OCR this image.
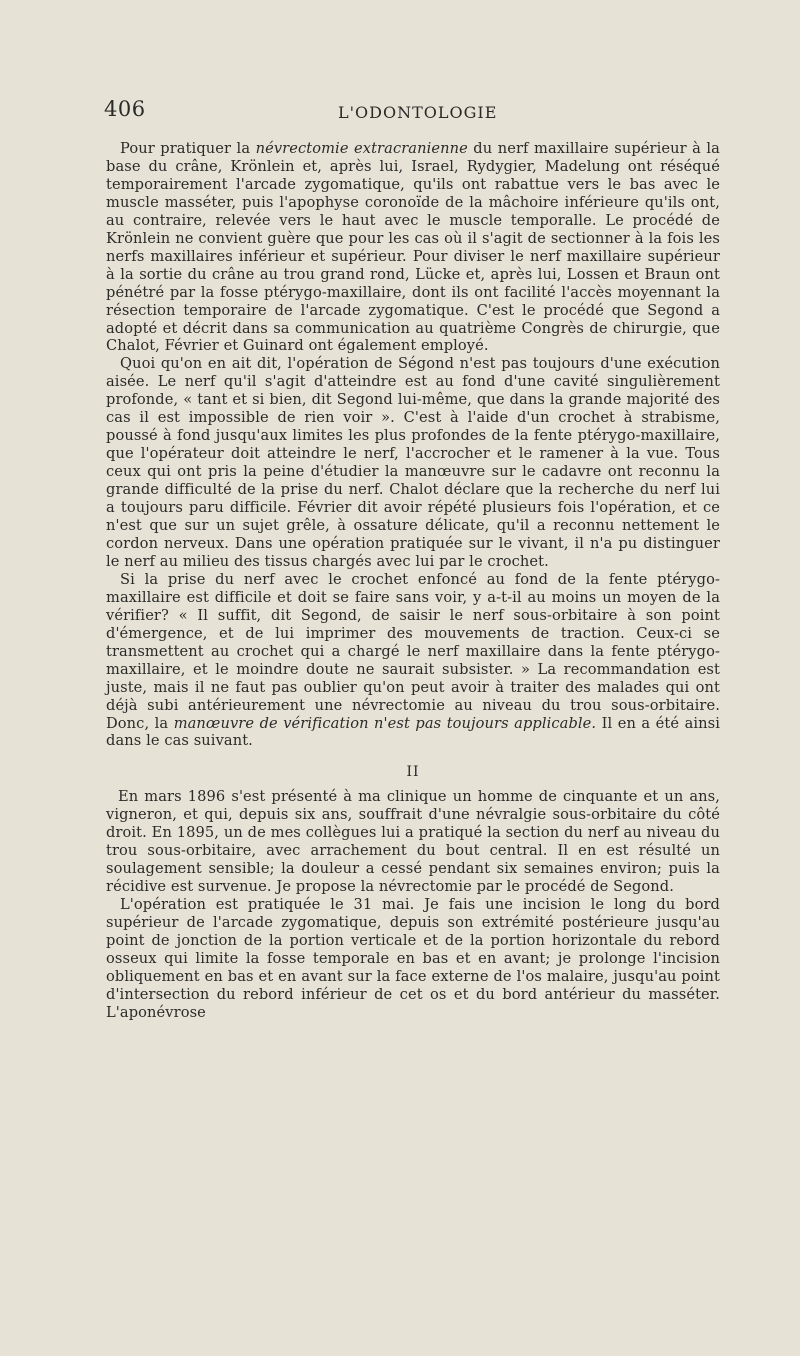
406	L'ODONTOLOGIE

Pour pratiquer la névrectomie extracranienne du nerf maxillaire supérieur à la base du crâne, Krönlein et, après lui, Israel, Rydygier, Madelung ont réséqué temporairement l'arcade zygomatique, qu'ils ont rabattue vers le bas avec le muscle masséter, puis l'apophyse coronoïde de la mâchoire inférieure qu'ils ont, au contraire, relevée vers le haut avec le muscle temporalle. Le procédé de Krönlein ne convient guère que pour les cas où il s'agit de sectionner à la fois les nerfs maxillaires inférieur et supérieur. Pour diviser le nerf maxillaire supérieur à la sortie du crâne au trou grand rond, Lücke et, après lui, Lossen et Braun ont pénétré par la fosse ptérygo-maxillaire, dont ils ont facilité l'accès moyennant la résection temporaire de l'arcade zygomatique. C'est le procédé que Segond a adopté et décrit dans sa communication au quatrième Congrès de chirurgie, que Chalot, Février et Guinard ont également employé.

Quoi qu'on en ait dit, l'opération de Ségond n'est pas toujours d'une exécution aisée. Le nerf qu'il s'agit d'atteindre est au fond d'une cavité singulièrement profonde, « tant et si bien, dit Segond lui-même, que dans la grande majorité des cas il est impossible de rien voir ». C'est à l'aide d'un crochet à strabisme, poussé à fond jusqu'aux limites les plus profondes de la fente ptérygo-maxillaire, que l'opérateur doit atteindre le nerf, l'accrocher et le ramener à la vue. Tous ceux qui ont pris la peine d'étudier la manœuvre sur le cadavre ont reconnu la grande difficulté de la prise du nerf. Chalot déclare que la recherche du nerf lui a toujours paru difficile. Février dit avoir répété plusieurs fois l'opération, et ce n'est que sur un sujet grêle, à ossature délicate, qu'il a reconnu nettement le cordon nerveux. Dans une opération pratiquée sur le vivant, il n'a pu distinguer le nerf au milieu des tissus chargés avec lui par le crochet.

Si la prise du nerf avec le crochet enfoncé au fond de la fente ptérygo-maxillaire est difficile et doit se faire sans voir, y a-t-il au moins un moyen de la vérifier? « Il suffit, dit Segond, de saisir le nerf sous-orbitaire à son point d'émergence, et de lui imprimer des mouvements de traction. Ceux-ci se transmettent au crochet qui a chargé le nerf maxillaire dans la fente ptérygo-maxillaire, et le moindre doute ne saurait subsister. » La recommandation est juste, mais il ne faut pas oublier qu'on peut avoir à traiter des malades qui ont déjà subi antérieurement une névrectomie au niveau du trou sous-orbitaire. Donc, la manœuvre de vérification n'est pas toujours applicable. Il en a été ainsi dans le cas suivant.

II

En mars 1896 s'est présenté à ma clinique un homme de cinquante et un ans, vigneron, et qui, depuis six ans, souffrait d'une névralgie sous-orbitaire du côté droit. En 1895, un de mes collègues lui a pratiqué la section du nerf au niveau du trou sous-orbitaire, avec arrachement du bout central. Il en est résulté un soulagement sensible; la douleur a cessé pendant six semaines environ; puis la récidive est survenue. Je propose la névrectomie par le procédé de Segond.

L'opération est pratiquée le 31 mai. Je fais une incision le long du bord supérieur de l'arcade zygomatique, depuis son extrémité postérieure jusqu'au point de jonction de la portion verticale et de la portion horizontale du rebord osseux qui limite la fosse temporale en bas et en avant; je prolonge l'incision obliquement en bas et en avant sur la face externe de l'os malaire, jusqu'au point d'intersection du rebord inférieur de cet os et du bord antérieur du masséter. L'aponévrose
